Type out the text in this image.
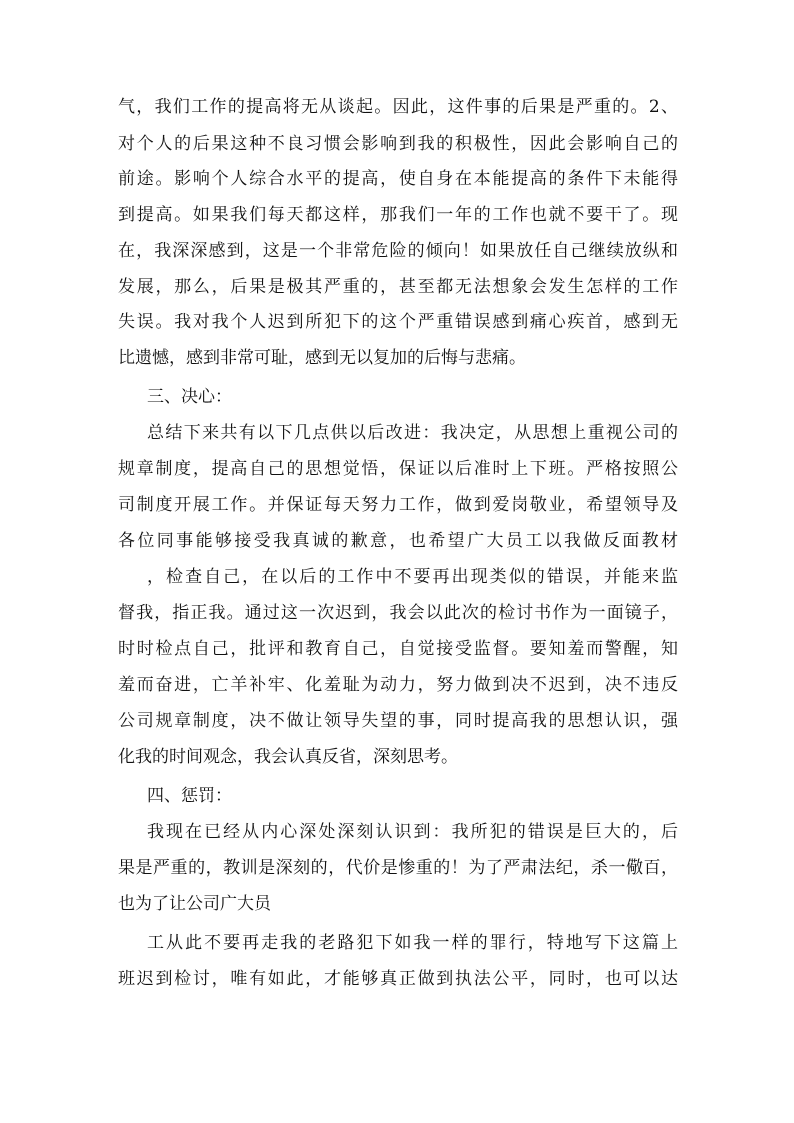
气，我们工作的提高将无从谈起。因此，这件事的后果是严重的。2、
对个人的后果这种不良习惯会影响到我的积极性，因此会影响自己的
前途。影响个人综合水平的提高，使自身在本能提高的条件下未能得
到提高。如果我们每天都这样，那我们一年的工作也就不要干了。现
在，我深深感到，这是一个非常危险的倾向！如果放任自己继续放纵和
发展，那么，后果是极其严重的，甚至都无法想象会发生怎样的工作
失误。我对我个人迟到所犯下的这个严重错误感到痛心疾首，感到无
比遗憾，感到非常可耻，感到无以复加的后悔与悲痛。
三、决心：
总结下来共有以下几点供以后改进：我决定，从思想上重视公司的
规章制度，提高自己的思想觉悟，保证以后准时上下班。严格按照公
司制度开展工作。并保证每天努力工作，做到爱岗敬业，希望领导及
各位同事能够接受我真诚的歉意，也希望广大员工以我做反面教材
，检查自己，在以后的工作中不要再出现类似的错误，并能来监
督我，指正我。通过这一次迟到，我会以此次的检讨书作为一面镜子，
时时检点自己，批评和教育自己，自觉接受监督。要知羞而警醒，知
羞而奋进，亡羊补牢、化羞耻为动力，努力做到决不迟到，决不违反
公司规章制度，决不做让领导失望的事，同时提高我的思想认识，强
化我的时间观念，我会认真反省，深刻思考。
四、惩罚：
我现在已经从内心深处深刻认识到：我所犯的错误是巨大的，后
果是严重的，教训是深刻的，代价是惨重的！为了严肃法纪，杀一儆百，
也为了让公司广大员
工从此不要再走我的老路犯下如我一样的罪行，特地写下这篇上
班迟到检讨，唯有如此，才能够真正做到执法公平，同时，也可以达
